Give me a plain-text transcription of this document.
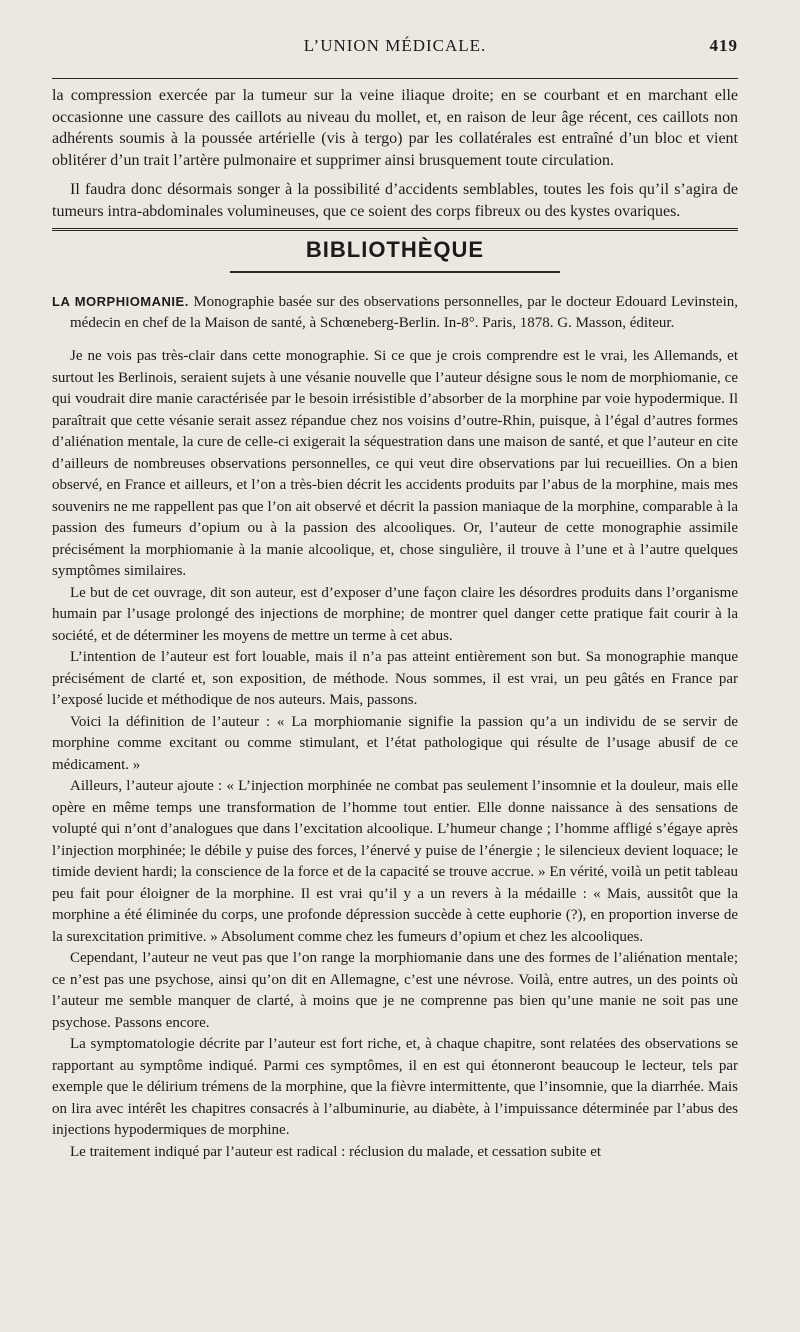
L’UNION MÉDICALE.	419

la compression exercée par la tumeur sur la veine iliaque droite; en se courbant et en marchant elle occasionne une cassure des caillots au niveau du mollet, et, en raison de leur âge récent, ces caillots non adhérents soumis à la poussée artérielle (vis à tergo) par les collatérales est entraîné d’un bloc et vient oblitérer d’un trait l’artère pulmonaire et supprimer ainsi brusquement toute circulation.

Il faudra donc désormais songer à la possibilité d’accidents semblables, toutes les fois qu’il s’agira de tumeurs intra-abdominales volumineuses, que ce soient des corps fibreux ou des kystes ovariques.

BIBLIOTHÈQUE

LA MORPHIOMANIE. Monographie basée sur des observations personnelles, par le docteur Edouard Levinstein, médecin en chef de la Maison de santé, à Schœneberg-Berlin. In-8°. Paris, 1878. G. Masson, éditeur.

Je ne vois pas très-clair dans cette monographie. Si ce que je crois comprendre est le vrai, les Allemands, et surtout les Berlinois, seraient sujets à une vésanie nouvelle que l’auteur désigne sous le nom de morphiomanie, ce qui voudrait dire manie caractérisée par le besoin irrésistible d’absorber de la morphine par voie hypodermique. Il paraîtrait que cette vésanie serait assez répandue chez nos voisins d’outre-Rhin, puisque, à l’égal d’autres formes d’aliénation mentale, la cure de celle-ci exigerait la séquestration dans une maison de santé, et que l’auteur en cite d’ailleurs de nombreuses observations personnelles, ce qui veut dire observations par lui recueillies. On a bien observé, en France et ailleurs, et l’on a très-bien décrit les accidents produits par l’abus de la morphine, mais mes souvenirs ne me rappellent pas que l’on ait observé et décrit la passion maniaque de la morphine, comparable à la passion des fumeurs d’opium ou à la passion des alcooliques. Or, l’auteur de cette monographie assimile précisément la morphiomanie à la manie alcoolique, et, chose singulière, il trouve à l’une et à l’autre quelques symptômes similaires.

Le but de cet ouvrage, dit son auteur, est d’exposer d’une façon claire les désordres produits dans l’organisme humain par l’usage prolongé des injections de morphine; de montrer quel danger cette pratique fait courir à la société, et de déterminer les moyens de mettre un terme à cet abus.

L’intention de l’auteur est fort louable, mais il n’a pas atteint entièrement son but. Sa monographie manque précisément de clarté et, son exposition, de méthode. Nous sommes, il est vrai, un peu gâtés en France par l’exposé lucide et méthodique de nos auteurs. Mais, passons.

Voici la définition de l’auteur : « La morphiomanie signifie la passion qu’a un individu de se servir de morphine comme excitant ou comme stimulant, et l’état pathologique qui résulte de l’usage abusif de ce médicament. »

Ailleurs, l’auteur ajoute : « L’injection morphinée ne combat pas seulement l’insomnie et la douleur, mais elle opère en même temps une transformation de l’homme tout entier. Elle donne naissance à des sensations de volupté qui n’ont d’analogues que dans l’excitation alcoolique. L’humeur change ; l’homme affligé s’égaye après l’injection morphinée; le débile y puise des forces, l’énervé y puise de l’énergie ; le silencieux devient loquace; le timide devient hardi; la conscience de la force et de la capacité se trouve accrue. » En vérité, voilà un petit tableau peu fait pour éloigner de la morphine. Il est vrai qu’il y a un revers à la médaille : « Mais, aussitôt que la morphine a été éliminée du corps, une profonde dépression succède à cette euphorie (?), en proportion inverse de la surexcitation primitive. » Absolument comme chez les fumeurs d’opium et chez les alcooliques.

Cependant, l’auteur ne veut pas que l’on range la morphiomanie dans une des formes de l’aliénation mentale; ce n’est pas une psychose, ainsi qu’on dit en Allemagne, c’est une névrose. Voilà, entre autres, un des points où l’auteur me semble manquer de clarté, à moins que je ne comprenne pas bien qu’une manie ne soit pas une psychose. Passons encore.

La symptomatologie décrite par l’auteur est fort riche, et, à chaque chapitre, sont relatées des observations se rapportant au symptôme indiqué. Parmi ces symptômes, il en est qui étonneront beaucoup le lecteur, tels par exemple que le délirium trémens de la morphine, que la fièvre intermittente, que l’insomnie, que la diarrhée. Mais on lira avec intérêt les chapitres consacrés à l’albuminurie, au diabète, à l’impuissance déterminée par l’abus des injections hypodermiques de morphine.

Le traitement indiqué par l’auteur est radical : réclusion du malade, et cessation subite et
